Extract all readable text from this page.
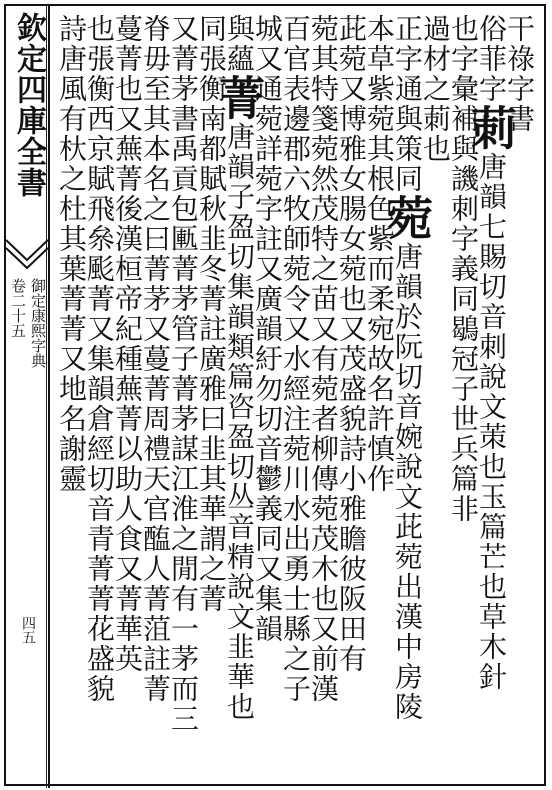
干祿字書
俗菲字莿唐韻七賜切音刺說文茦也玉篇芒也草木針
也字彙補與譏刺字義同鶡冠子世兵篇非
過材之莿也
正字通與策同菀唐韻於阮切音婉說文茈菀出漢中房陵
本草紫菀其根色紫而柔宛故名許慎作
茈菀又博雅女腸女菀也又茂盛貌詩小雅瞻彼阪田有
菀其特箋菀然茂特之苗又有菀者柳傳菀茂木也又前漢
百官表邊郡六牧師菀令又水經注菀川水出勇士縣之子
城又通菀詳菀字註又廣韻紆勿切音鬱義同又集韻
與蘊菁唐韻子盈切集韻類篇咨盈切丛音精說文韭華也
同張衡南都賦秋韭冬菁註廣雅曰韭其華謂之菁
又菁茅書禹貢包匭菁茅管子菁茅謀江淮之閒有一茅而三
脊毋至其本名之曰菁茅又蔓菁周禮天官醢人菁菹註菁
蔓菁也又蕪菁後漢桓帝紀種蕪菁以助人食又菁華英
也張衡西京賦飛㕘颩菁又集韻倉經切音青菁菁花盛貌
詩唐風有杕之杜其葉菁菁又地名謝靈
欽定四庫全書
御定康熙字典
卷二十五
四五
